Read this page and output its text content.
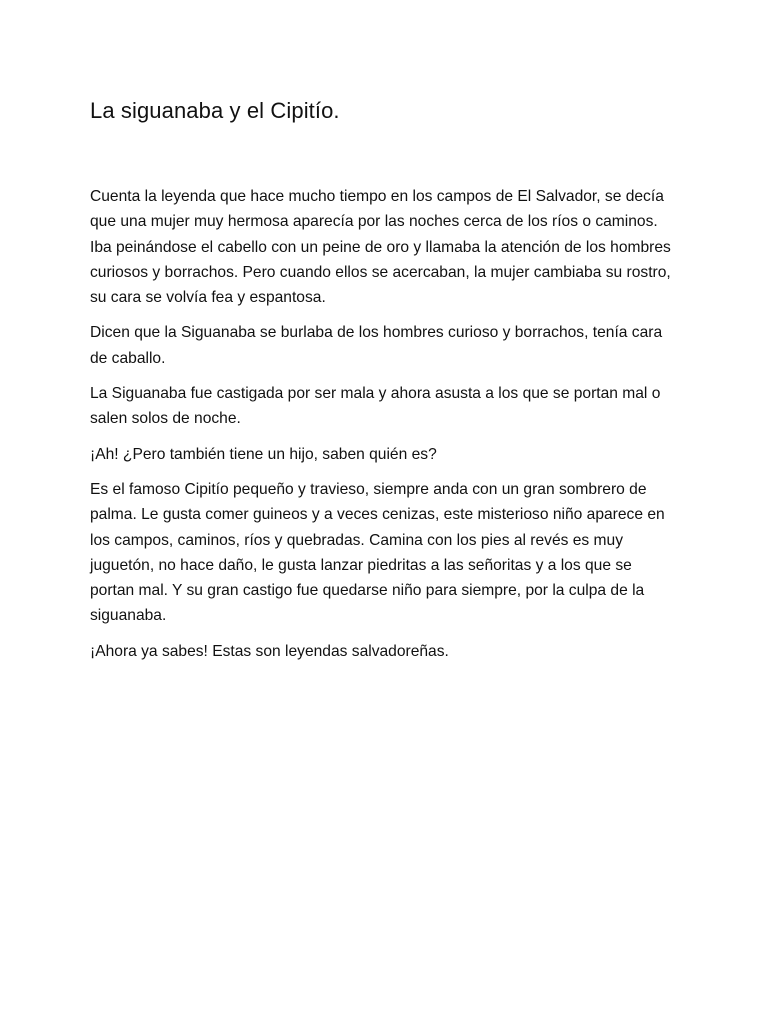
La siguanaba y el Cipitío.

Cuenta la leyenda que hace mucho tiempo en los campos de El Salvador, se decía que una mujer muy hermosa aparecía por las noches cerca de los ríos o caminos. Iba peinándose el cabello con un peine de oro y llamaba la atención de los hombres curiosos y borrachos. Pero cuando ellos se acercaban, la mujer cambiaba su rostro, su cara se volvía fea y espantosa.

Dicen que la Siguanaba se burlaba de los hombres curioso y borrachos, tenía cara de caballo.

La Siguanaba fue castigada por ser mala y ahora asusta a los que se portan mal o salen solos de noche.

¡Ah! ¿Pero también tiene un hijo, saben quién es?

Es el famoso Cipitío pequeño y travieso, siempre anda con un gran sombrero de palma. Le gusta comer guineos y a veces cenizas, este misterioso niño aparece en los campos, caminos, ríos y quebradas. Camina con los pies al revés es muy juguetón, no hace daño, le gusta lanzar piedritas a las señoritas y a los que se portan mal. Y su gran castigo fue quedarse niño para siempre, por la culpa de la siguanaba.

¡Ahora ya sabes! Estas son leyendas salvadoreñas.
